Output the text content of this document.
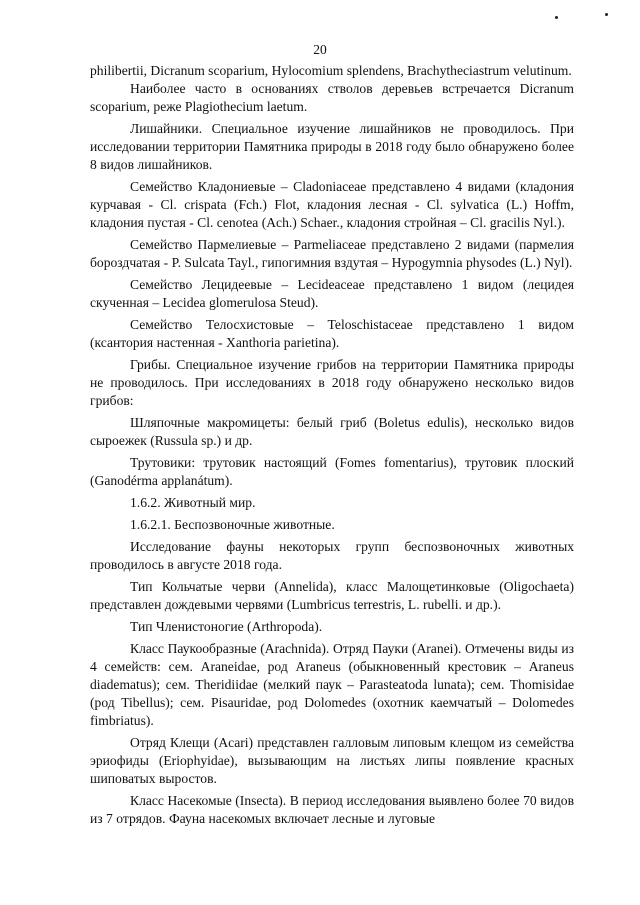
20

philibertii, Dicranum scoparium, Hylocomium splendens, Brachytheciastrum velutinum.

Наиболее часто в основаниях стволов деревьев встречается Dicranum scoparium, реже Plagiothecium laetum.

Лишайники. Специальное изучение лишайников не проводилось. При исследовании территории Памятника природы в 2018 году было обнаружено более 8 видов лишайников.

Семейство Кладониевые – Cladoniaceae представлено 4 видами (кладония курчавая - Cl. crispata (Fch.) Flot, кладония лесная - Cl. sylvatica (L.) Hoffm, кладония пустая - Cl. cenotea (Ach.) Schaer., кладония стройная – Cl. gracilis Nyl.).

Семейство Пармелиевые – Parmeliaceae представлено 2 видами (пармелия бороздчатая - P. Sulcata Tayl., гипогимния вздутая – Hypogymnia physodes (L.) Nyl).

Семейство Лецидеевые – Lecideaceae представлено 1 видом (лецидея скученная – Lecidea glomerulosa Steud).

Семейство Телосхистовые – Teloschistaceae представлено 1 видом (ксантория настенная - Xanthoria parietina).

Грибы. Специальное изучение грибов на территории Памятника природы не проводилось. При исследованиях в 2018 году обнаружено несколько видов грибов:

Шляпочные макромицеты: белый гриб (Boletus edulis), несколько видов сыроежек (Russula sp.) и др.

Трутовики: трутовик настоящий (Fomes fomentarius), трутовик плоский (Ganodérma applanátum).

1.6.2. Животный мир.

1.6.2.1. Беспозвоночные животные.

Исследование фауны некоторых групп беспозвоночных животных проводилось в августе 2018 года.

Тип Кольчатые черви (Annelida), класс Малощетинковые (Oligochaeta) представлен дождевыми червями (Lumbricus terrestris, L. rubelli. и др.).

Тип Членистоногие (Arthropoda).

Класс Паукообразные (Arachnida). Отряд Пауки (Aranei). Отмечены виды из 4 семейств: сем. Araneidae, род Araneus (обыкновенный крестовик – Araneus diadematus); сем. Theridiidae (мелкий паук – Parasteatoda lunata); сем. Thomisidae (род Tibellus); сем. Pisauridae, род Dolomedes (охотник каемчатый – Dolomedes fimbriatus).

Отряд Клещи (Acari) представлен галловым липовым клещом из семейства эриофиды (Eriophyidae), вызывающим на листьях липы появление красных шиповатых выростов.

Класс Насекомые (Insecta). В период исследования выявлено более 70 видов из 7 отрядов. Фауна насекомых включает лесные и луговые
